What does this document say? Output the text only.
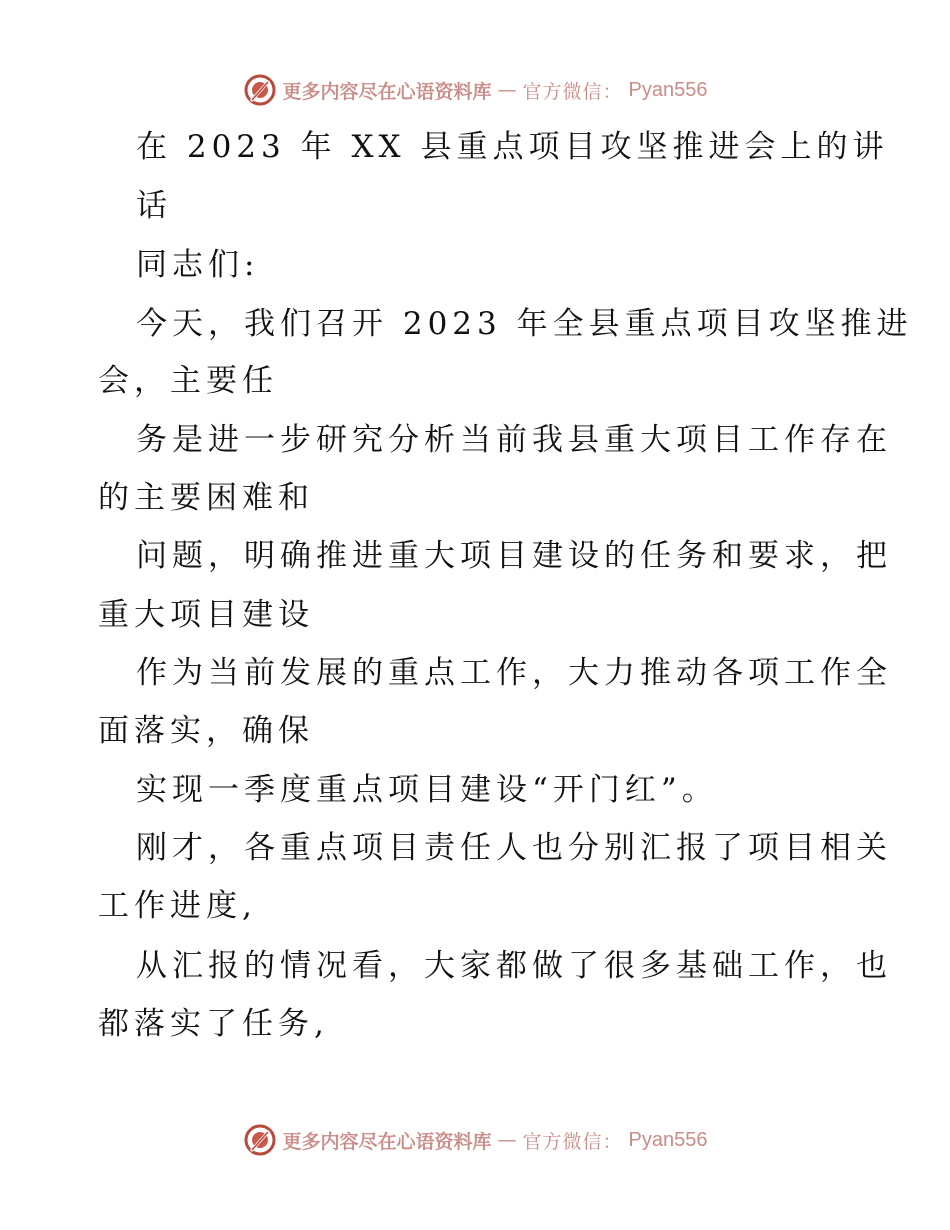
更多内容尽在心语资料库 — 官方微信： Pyan556
在 2023 年 XX 县重点项目攻坚推进会上的讲
话
同志们:
今天，我们召开 2023 年全县重点项目攻坚推进
会，主要任
务是进一步研究分析当前我县重大项目工作存在
的主要困难和
问题，明确推进重大项目建设的任务和要求，把
重大项目建设
作为当前发展的重点工作，大力推动各项工作全
面落实，确保
实现一季度重点项目建设“开门红”。
刚才，各重点项目责任人也分别汇报了项目相关
工作进度,
从汇报的情况看，大家都做了很多基础工作，也
都落实了任务,
更多内容尽在心语资料库 — 官方微信： Pyan556
